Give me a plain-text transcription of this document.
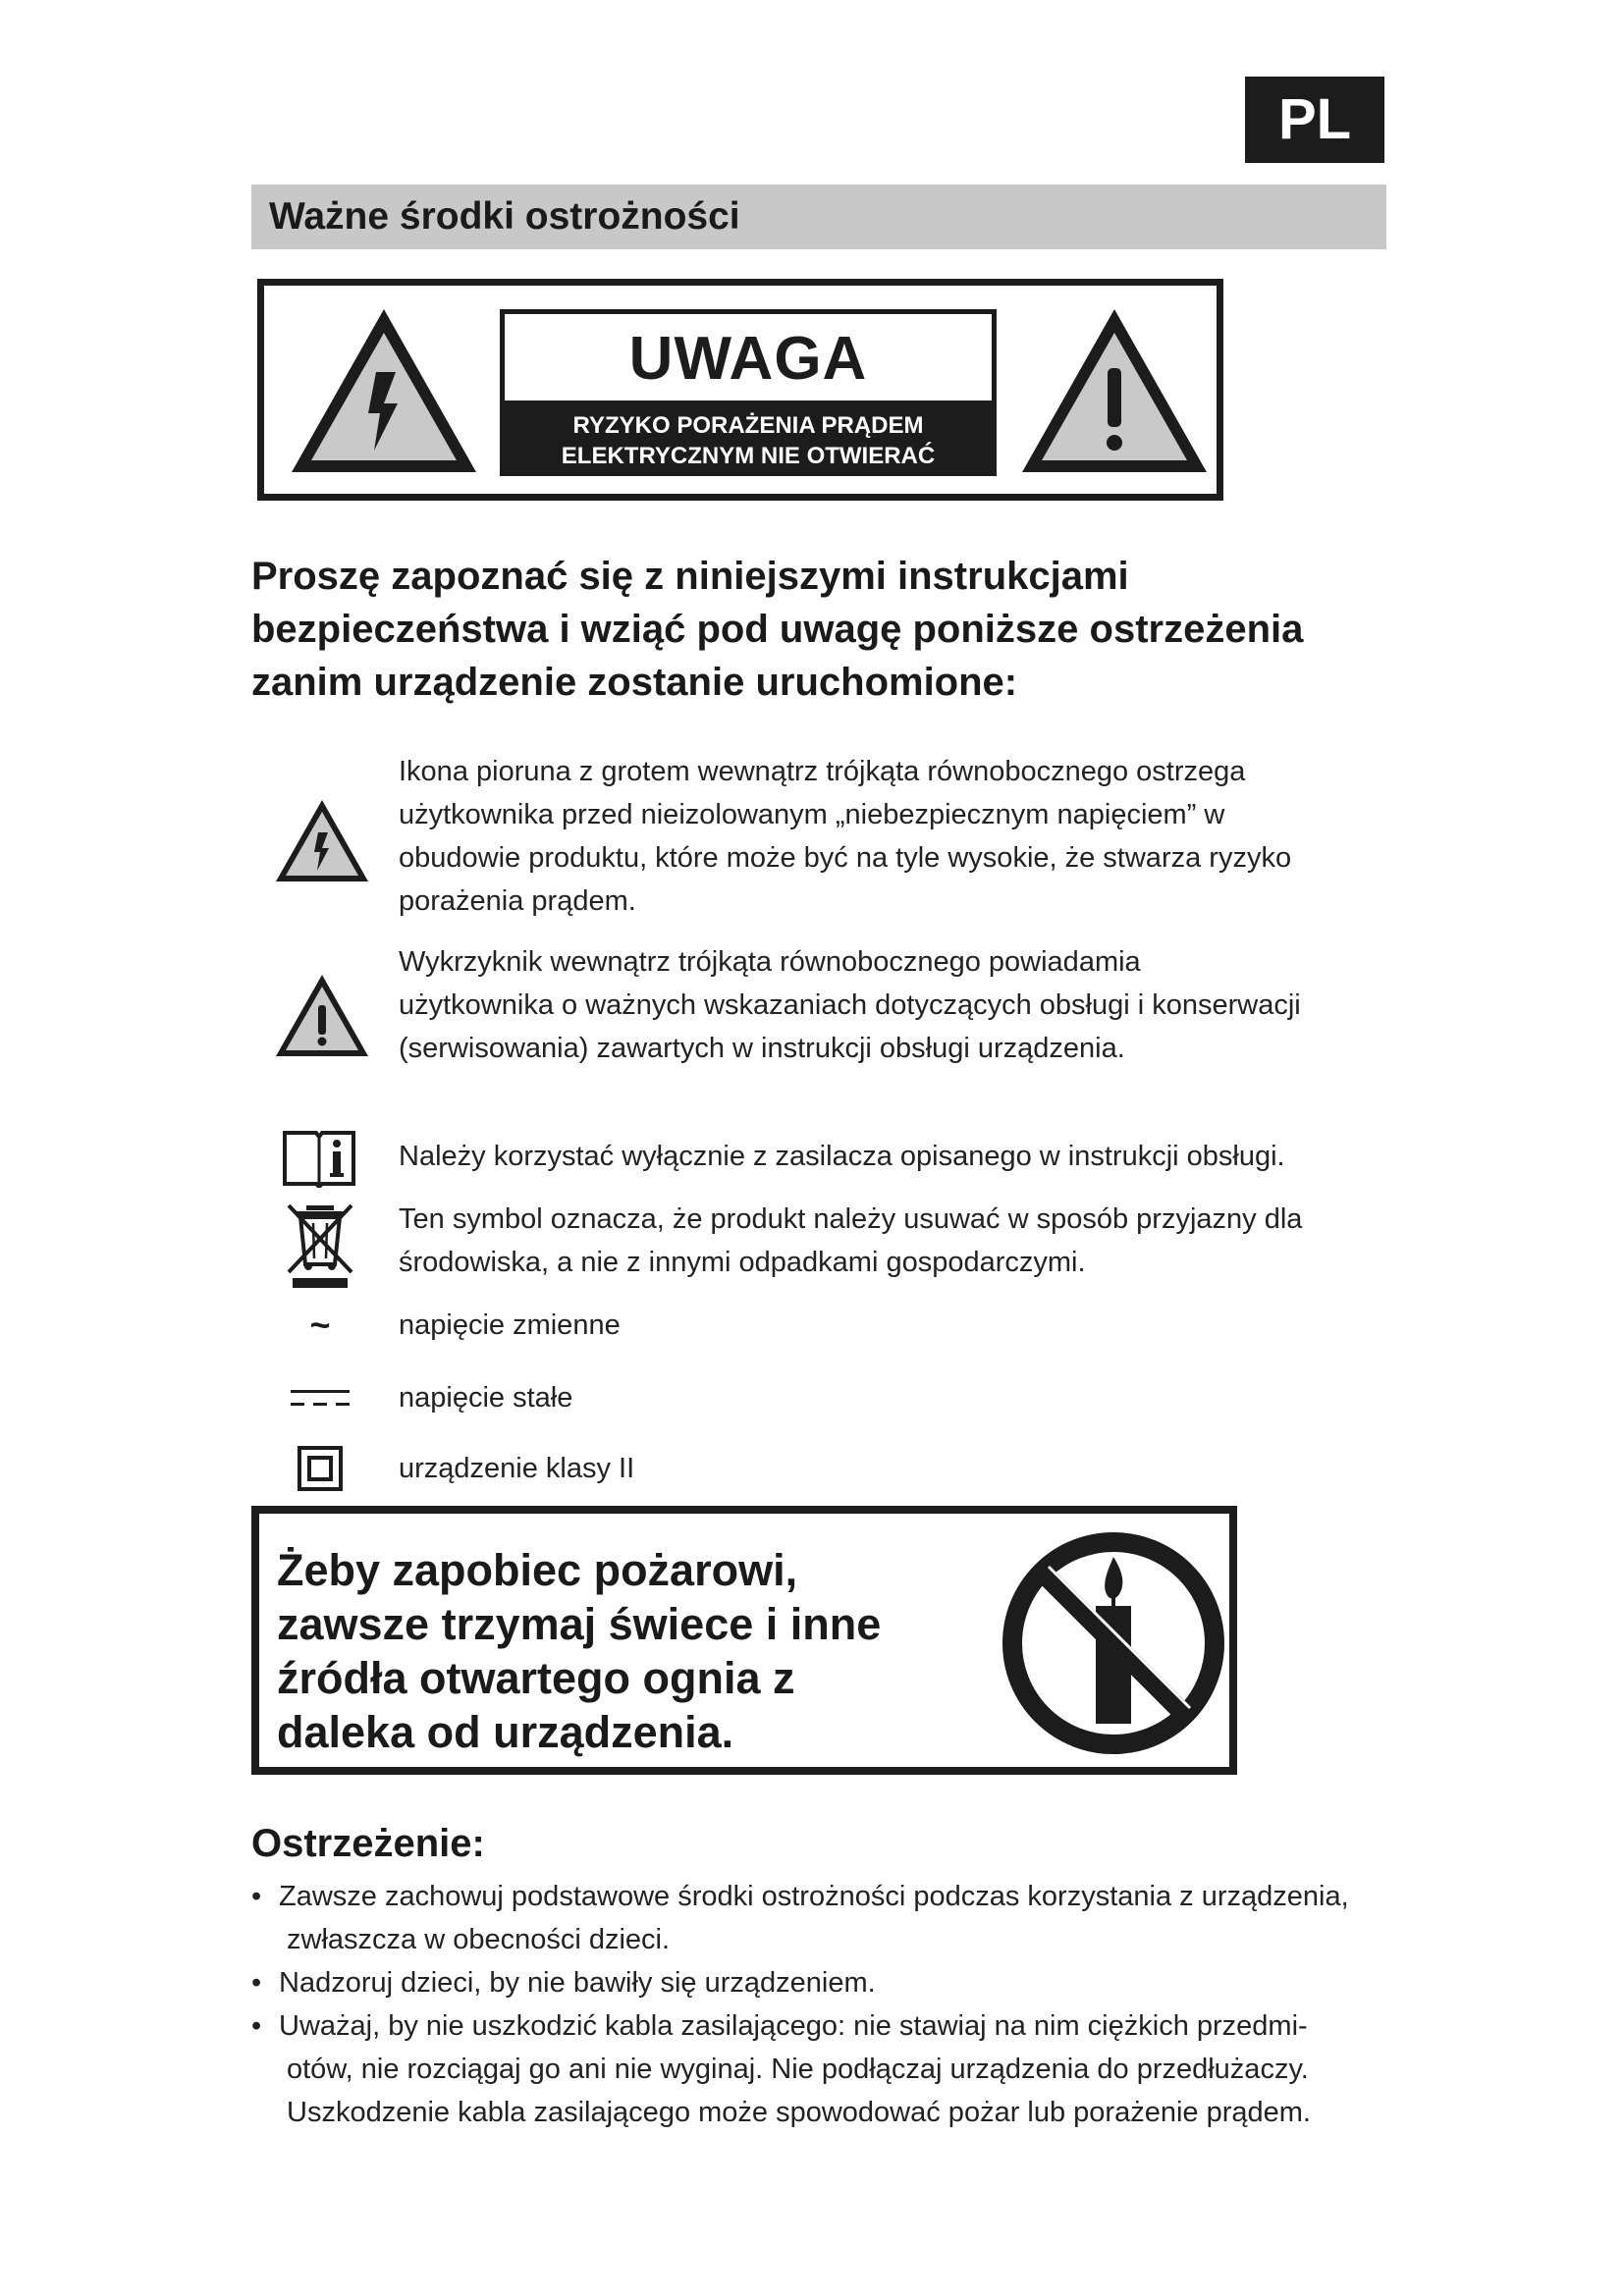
PL
Ważne środki ostrożności
UWAGA
RYZYKO PORAŻENIA PRĄDEM
ELEKTRYCZNYM NIE OTWIERAĆ
Proszę zapoznać się z niniejszymi instrukcjami
bezpieczeństwa i wziąć pod uwagę poniższe ostrzeżenia
zanim urządzenie zostanie uruchomione:
Ikona pioruna z grotem wewnątrz trójkąta równobocznego ostrzega
użytkownika przed nieizolowanym „niebezpiecznym napięciem” w
obudowie produktu, które może być na tyle wysokie, że stwarza ryzyko
porażenia prądem.
Wykrzyknik wewnątrz trójkąta równobocznego powiadamia
użytkownika o ważnych wskazaniach dotyczących obsługi i konserwacji
(serwisowania) zawartych w instrukcji obsługi urządzenia.
Należy korzystać wyłącznie z zasilacza opisanego w instrukcji obsługi.
Ten symbol oznacza, że produkt należy usuwać w sposób przyjazny dla
środowiska, a nie z innymi odpadkami gospodarczymi.
~	napięcie zmienne
napięcie stałe
urządzenie klasy II
Żeby zapobiec pożarowi,
zawsze trzymaj świece i inne
źródła otwartego ognia z
daleka od urządzenia.
Ostrzeżenie:
• Zawsze zachowuj podstawowe środki ostrożności podczas korzystania z urządzenia,
zwłaszcza w obecności dzieci.
• Nadzoruj dzieci, by nie bawiły się urządzeniem.
• Uważaj, by nie uszkodzić kabla zasilającego: nie stawiaj na nim ciężkich przedmi-
otów, nie rozciągaj go ani nie wyginaj. Nie podłączaj urządzenia do przedłużaczy.
Uszkodzenie kabla zasilającego może spowodować pożar lub porażenie prądem.
